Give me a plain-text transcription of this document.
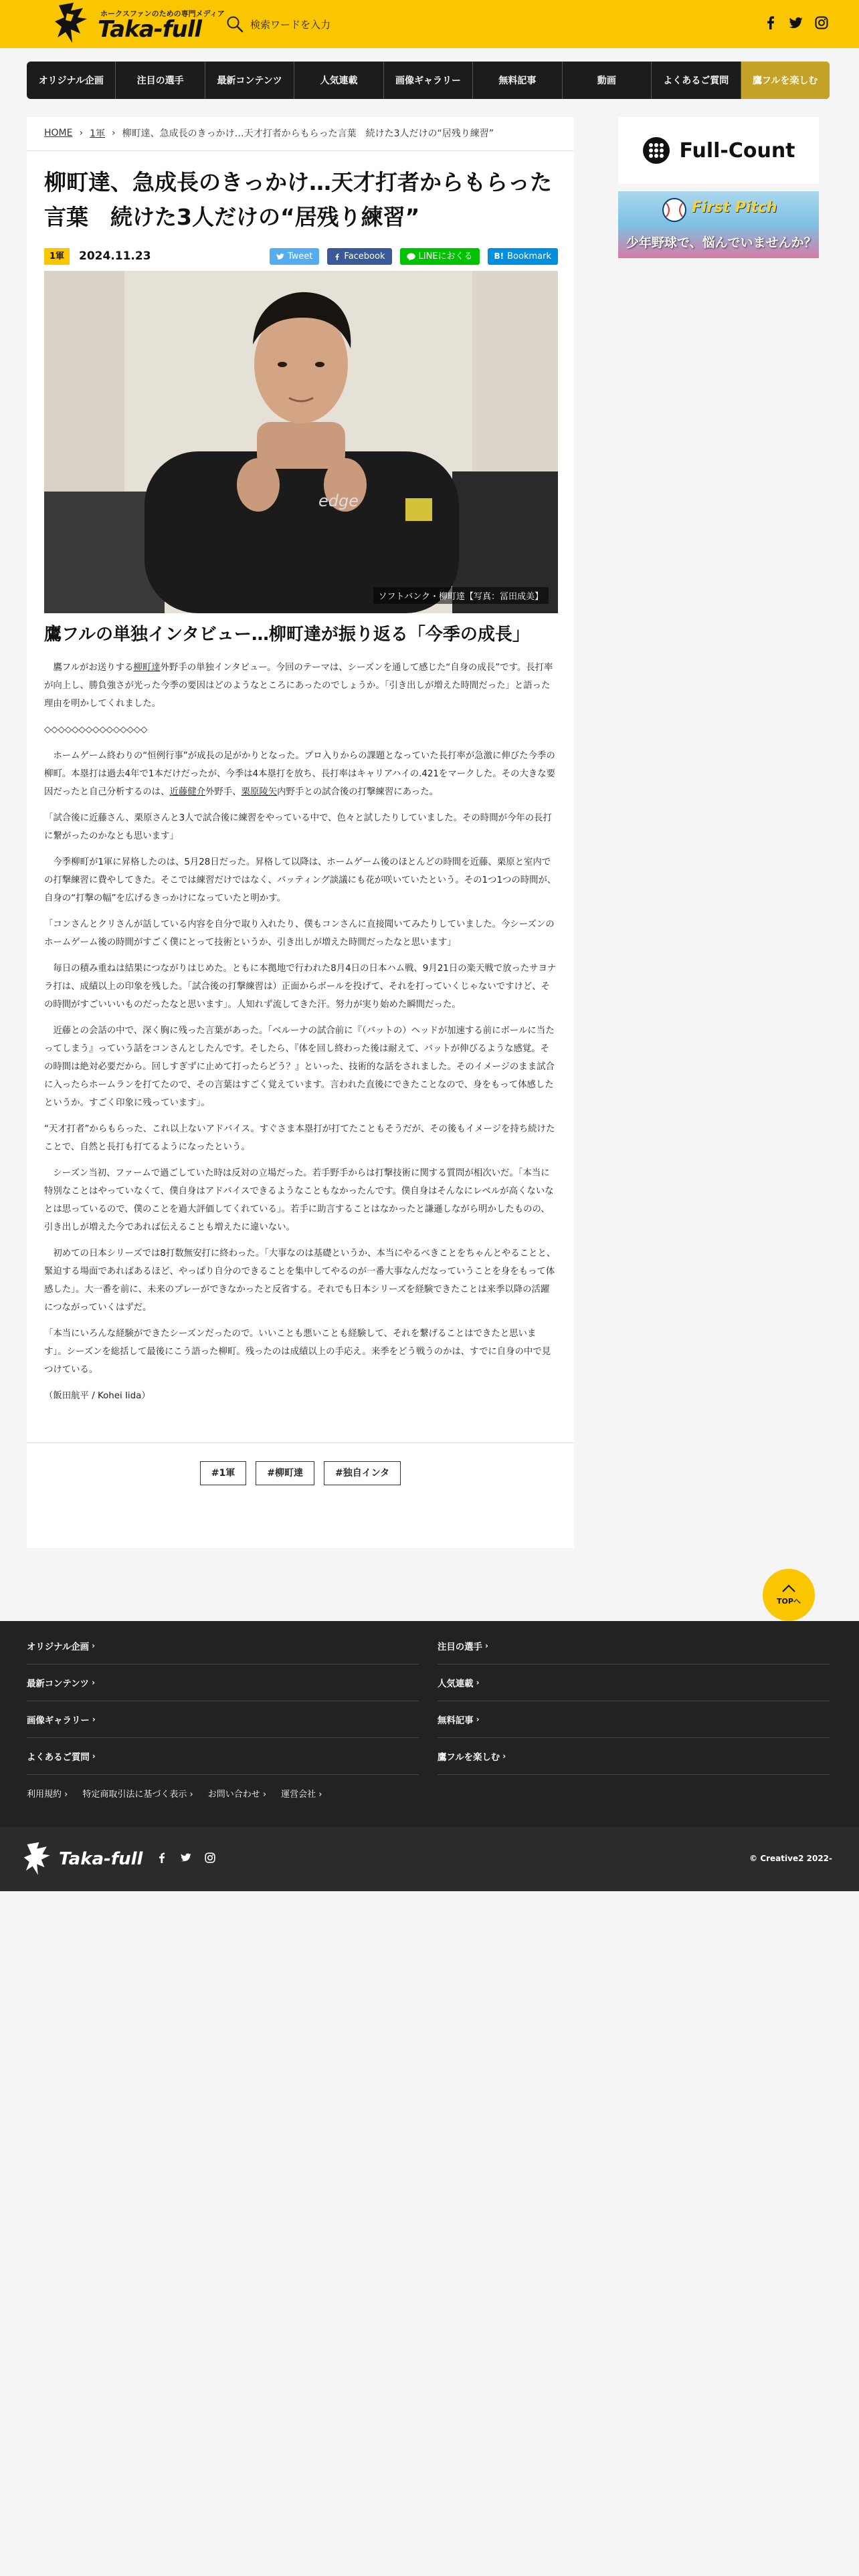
ホークスファンのための専門メディア
Taka-full	検索ワードを入力
オリジナル企画	注目の選手	最新コンテンツ	人気連載	画像ギャラリー	無料記事	動画	よくあるご質問	鷹フルを楽しむ
HOME › 1軍 › 柳町達、急成長のきっかけ…天才打者からもらった言葉　続けた3人だけの“居残り練習”
柳町達、急成長のきっかけ…天才打者からもらった言葉　続けた3人だけの“居残り練習”
1軍	2024.11.23	Tweet	Facebook	LINEにおくる	B! Bookmark
edge
ソフトバンク・柳町達【写真：冨田成美】
鷹フルの単独インタビュー…柳町達が振り返る「今季の成長」

鷹フルがお送りする柳町達外野手の単独インタビュー。今回のテーマは、シーズンを通して感じた“自身の成長”です。長打率が向上し、勝負強さが光った今季の要因はどのようなところにあったのでしょうか。「引き出しが増えた時間だった」と語った理由を明かしてくれました。

◇◇◇◇◇◇◇◇◇◇◇◇◇◇◇

ホームゲーム終わりの“恒例行事”が成長の足がかりとなった。プロ入りからの課題となっていた長打率が急激に伸びた今季の柳町。本塁打は過去4年で1本だけだったが、今季は4本塁打を放ち、長打率はキャリアハイの.421をマークした。その大きな要因だったと自己分析するのは、近藤健介外野手、栗原陵矢内野手との試合後の打撃練習にあった。

「試合後に近藤さん、栗原さんと3人で試合後に練習をやっている中で、色々と試したりしていました。その時間が今年の長打に繋がったのかなとも思います」

今季柳町が1軍に昇格したのは、5月28日だった。昇格して以降は、ホームゲーム後のほとんどの時間を近藤、栗原と室内での打撃練習に費やしてきた。そこでは練習だけではなく、バッティング談議にも花が咲いていたという。その1つ1つの時間が、自身の“打撃の幅”を広げるきっかけになっていたと明かす。

「コンさんとクリさんが話している内容を自分で取り入れたり、僕もコンさんに直接聞いてみたりしていました。今シーズンのホームゲーム後の時間がすごく僕にとって技術というか、引き出しが増えた時間だったなと思います」

毎日の積み重ねは結果につながりはじめた。ともに本拠地で行われた8月4日の日本ハム戦、9月21日の楽天戦で放ったサヨナラ打は、成績以上の印象を残した。「試合後の打撃練習は）正面からボールを投げて、それを打っていくじゃないですけど、その時間がすごいいいものだったなと思います」。人知れず流してきた汗。努力が実り始めた瞬間だった。

近藤との会話の中で、深く胸に残った言葉があった。「ベルーナの試合前に『（バットの）ヘッドが加速する前にボールに当たってしまう』っていう話をコンさんとしたんです。そしたら、『体を回し終わった後は耐えて、バットが伸びるような感覚。その時間は絶対必要だから。回しすぎずに止めて打ったらどう？』といった、技術的な話をされました。そのイメージのまま試合に入ったらホームランを打てたので、その言葉はすごく覚えています。言われた直後にできたことなので、身をもって体感したというか。すごく印象に残っています」。

“天才打者”からもらった、これ以上ないアドバイス。すぐさま本塁打が打てたこともそうだが、その後もイメージを持ち続けたことで、自然と長打も打てるようになったという。

シーズン当初、ファームで過ごしていた時は反対の立場だった。若手野手からは打撃技術に関する質問が相次いだ。「本当に特別なことはやっていなくて、僕自身はアドバイスできるようなこともなかったんです。僕自身はそんなにレベルが高くないなとは思っているので、僕のことを過大評価してくれている」。若手に助言することはなかったと謙遜しながら明かしたものの、引き出しが増えた今であれば伝えることも増えたに違いない。

初めての日本シリーズでは8打数無安打に終わった。「大事なのは基礎というか、本当にやるべきことをちゃんとやることと、緊迫する場面であればあるほど、やっぱり自分のできることを集中してやるのが一番大事なんだなっていうことを身をもって体感した」。大一番を前に、未来のプレーができなかったと反省する。それでも日本シリーズを経験できたことは来季以降の活躍につながっていくはずだ。

「本当にいろんな経験ができたシーズンだったので。いいことも悪いことも経験して、それを繋げることはできたと思います」。シーズンを総括して最後にこう語った柳町。残ったのは成績以上の手応え。来季をどう戦うのかは、すでに自身の中で見つけている。

（飯田航平 / Kohei Iida）

#1軍	#柳町達	#独自インタ
Full-Count
First Pitch
少年野球で、悩んでいませんか？
TOPへ
オリジナル企画 ›
最新コンテンツ ›
画像ギャラリー ›
よくあるご質問 ›
注目の選手 ›
人気連載 ›
無料記事 ›
鷹フルを楽しむ ›
利用規約 › 特定商取引法に基づく表示 › お問い合わせ › 運営会社 ›
Taka-full	© Creative2 2022-
